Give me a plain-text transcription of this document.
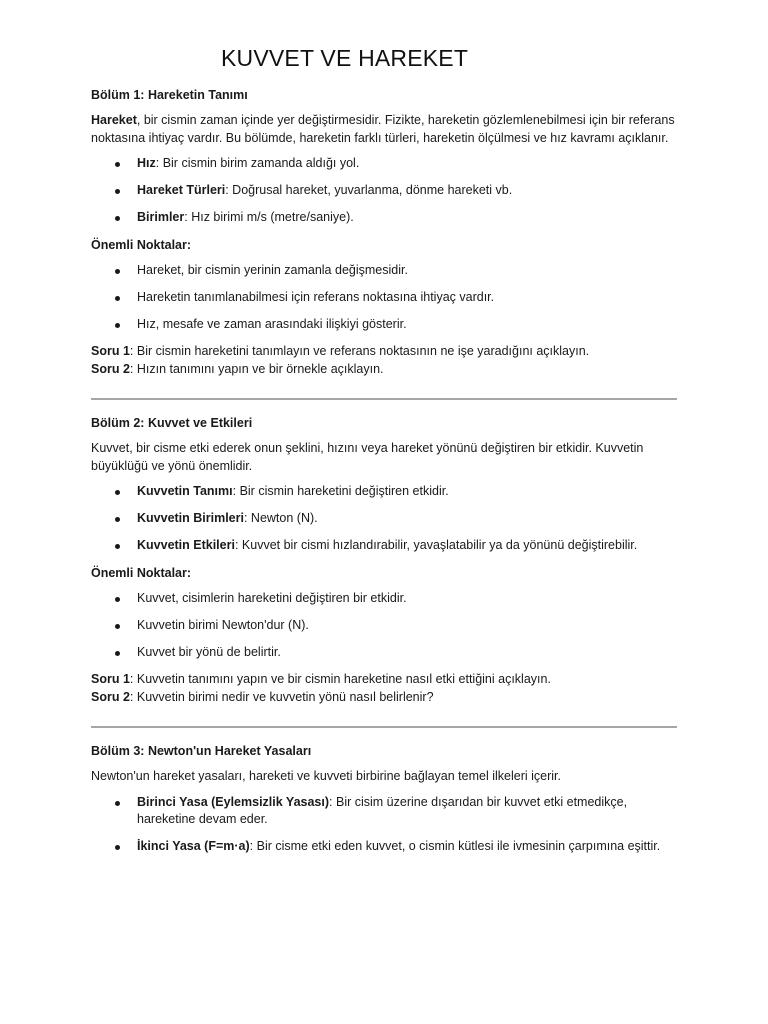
KUVVET VE HAREKET
Bölüm 1: Hareketin Tanımı

Hareket, bir cismin zaman içinde yer değiştirmesidir. Fizikte, hareketin gözlemlenebilmesi için bir referans noktasına ihtiyaç vardır. Bu bölümde, hareketin farklı türleri, hareketin ölçülmesi ve hız kavramı açıklanır.

Hız: Bir cismin birim zamanda aldığı yol.
Hareket Türleri: Doğrusal hareket, yuvarlanma, dönme hareketi vb.
Birimler: Hız birimi m/s (metre/saniye).
Önemli Noktalar:
Hareket, bir cismin yerinin zamanla değişmesidir.
Hareketin tanımlanabilmesi için referans noktasına ihtiyaç vardır.
Hız, mesafe ve zaman arasındaki ilişkiyi gösterir.
Soru 1: Bir cismin hareketini tanımlayın ve referans noktasının ne işe yaradığını açıklayın.
Soru 2: Hızın tanımını yapın ve bir örnekle açıklayın.
Bölüm 2: Kuvvet ve Etkileri

Kuvvet, bir cisme etki ederek onun şeklini, hızını veya hareket yönünü değiştiren bir etkidir. Kuvvetin büyüklüğü ve yönü önemlidir.

Kuvvetin Tanımı: Bir cismin hareketini değiştiren etkidir.
Kuvvetin Birimleri: Newton (N).
Kuvvetin Etkileri: Kuvvet bir cismi hızlandırabilir, yavaşlatabilir ya da yönünü değiştirebilir.
Önemli Noktalar:
Kuvvet, cisimlerin hareketini değiştiren bir etkidir.
Kuvvetin birimi Newton'dur (N).
Kuvvet bir yönü de belirtir.
Soru 1: Kuvvetin tanımını yapın ve bir cismin hareketine nasıl etki ettiğini açıklayın.
Soru 2: Kuvvetin birimi nedir ve kuvvetin yönü nasıl belirlenir?
Bölüm 3: Newton'un Hareket Yasaları

Newton'un hareket yasaları, hareketi ve kuvveti birbirine bağlayan temel ilkeleri içerir.

Birinci Yasa (Eylemsizlik Yasası): Bir cisim üzerine dışarıdan bir kuvvet etki etmedikçe, hareketine devam eder.
İkinci Yasa (F=m·a): Bir cisme etki eden kuvvet, o cismin kütlesi ile ivmesinin çarpımına eşittir.
